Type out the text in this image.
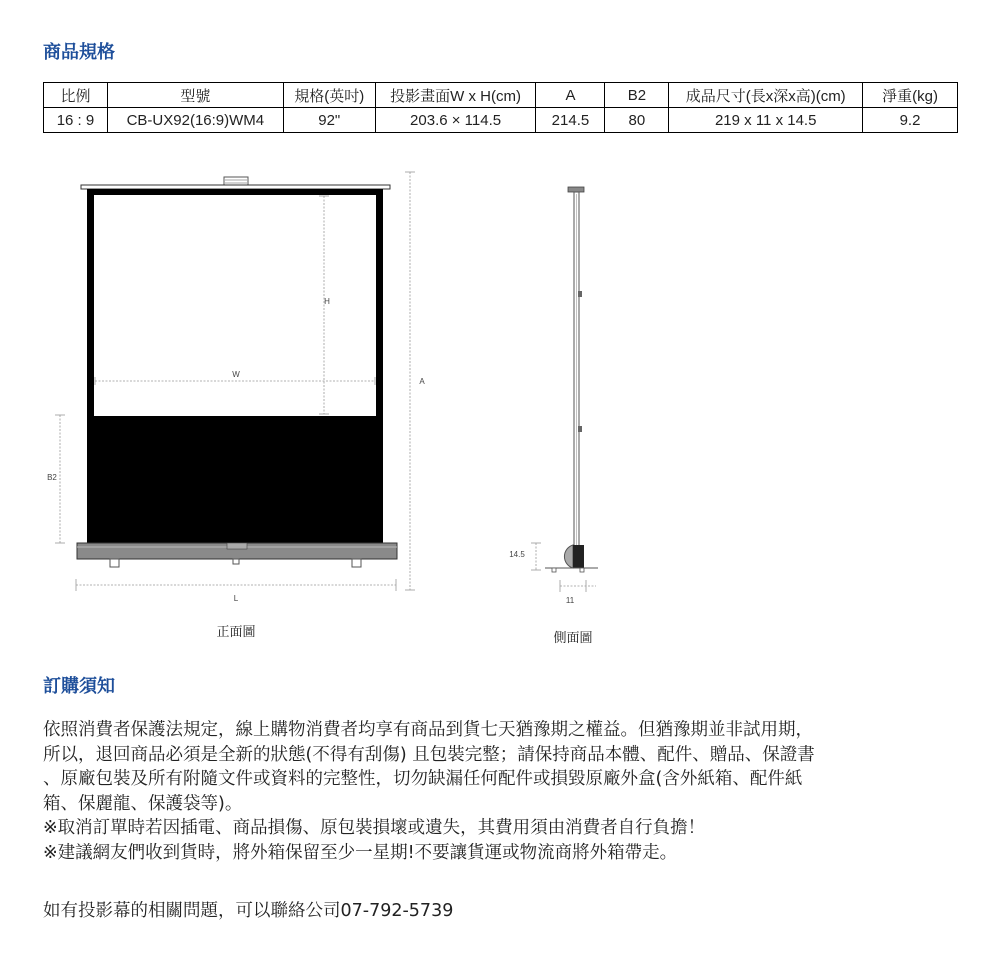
商品規格
比例	型號	規格(英吋)	投影畫面W x H(cm)	A	B2	成品尺寸(長x深x高)(cm)	淨重(kg)
16 : 9	CB-UX92(16:9)WM4	92"	203.6 × 114.5	214.5	80	219 x 11 x 14.5	9.2
H
W
A
B2
L
正面圖
14.5
11
側面圖
訂購須知

依照消費者保護法規定，線上購物消費者均享有商品到貨七天猶豫期之權益。但猶豫期並非試用期，

所以，退回商品必須是全新的狀態(不得有刮傷) 且包裝完整；請保持商品本體、配件、贈品、保證書

、原廠包裝及所有附隨文件或資料的完整性，切勿缺漏任何配件或損毀原廠外盒(含外紙箱、配件紙

箱、保麗龍、保護袋等)。

※取消訂單時若因插電、商品損傷、原包裝損壞或遺失，其費用須由消費者自行負擔！

※建議網友們收到貨時，將外箱保留至少一星期!不要讓貨運或物流商將外箱帶走。

如有投影幕的相關問題，可以聯絡公司07-792-5739
